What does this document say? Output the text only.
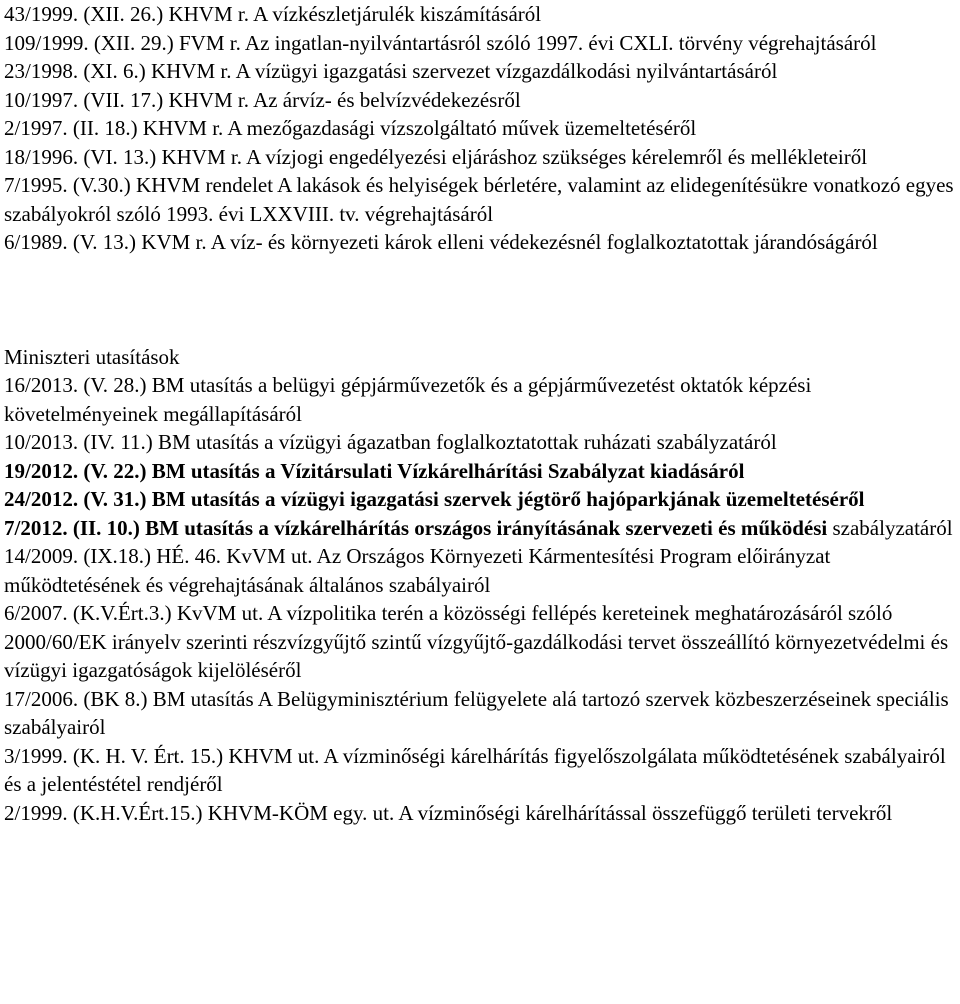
43/1999. (XII. 26.) KHVM r. A vízkészletjárulék kiszámításáról

109/1999. (XII. 29.) FVM r. Az ingatlan-nyilvántartásról szóló 1997. évi CXLI. törvény végrehajtásáról

23/1998. (XI. 6.) KHVM r. A vízügyi igazgatási szervezet vízgazdálkodási nyilvántartásáról

10/1997. (VII. 17.) KHVM r. Az árvíz- és belvízvédekezésről

2/1997. (II. 18.) KHVM r. A mezőgazdasági vízszolgáltató művek üzemeltetéséről

18/1996. (VI. 13.) KHVM r. A vízjogi engedélyezési eljáráshoz szükséges kérelemről és mellékleteiről

7/1995. (V.30.) KHVM rendelet A lakások és helyiségek bérletére, valamint az elidegenítésükre vonatkozó egyes szabályokról szóló 1993. évi LXXVIII. tv. végrehajtásáról

6/1989. (V. 13.) KVM r. A víz- és környezeti károk elleni védekezésnél foglalkoztatottak járandóságáról

Miniszteri utasítások

16/2013. (V. 28.) BM utasítás a belügyi gépjárművezetők és a gépjárművezetést oktatók képzési követelményeinek megállapításáról

10/2013. (IV. 11.) BM utasítás a vízügyi ágazatban foglalkoztatottak ruházati szabályzatáról

19/2012. (V. 22.) BM utasítás a Vízitársulati Vízkárelhárítási Szabályzat kiadásáról

24/2012. (V. 31.) BM utasítás a vízügyi igazgatási szervek jégtörő hajóparkjának üzemeltetéséről

7/2012. (II. 10.) BM utasítás a vízkárelhárítás országos irányításának szervezeti és működési szabályzatáról

14/2009. (IX.18.) HÉ. 46. KvVM ut. Az Országos Környezeti Kármentesítési Program előirányzat működtetésének és végrehajtásának általános szabályairól

6/2007. (K.V.Ért.3.) KvVM ut. A vízpolitika terén a közösségi fellépés kereteinek meghatározásáról szóló 2000/60/EK irányelv szerinti részvízgyűjtő szintű vízgyűjtő-gazdálkodási tervet összeállító környezetvédelmi és vízügyi igazgatóságok kijelöléséről

17/2006. (BK 8.) BM utasítás A Belügyminisztérium felügyelete alá tartozó szervek közbeszerzéseinek speciális szabályairól

3/1999. (K. H. V. Ért. 15.) KHVM ut. A vízminőségi kárelhárítás figyelőszolgálata működtetésének szabályairól és a jelentéstétel rendjéről

2/1999. (K.H.V.Ért.15.) KHVM-KÖM egy. ut. A vízminőségi kárelhárítással összefüggő területi tervekről
